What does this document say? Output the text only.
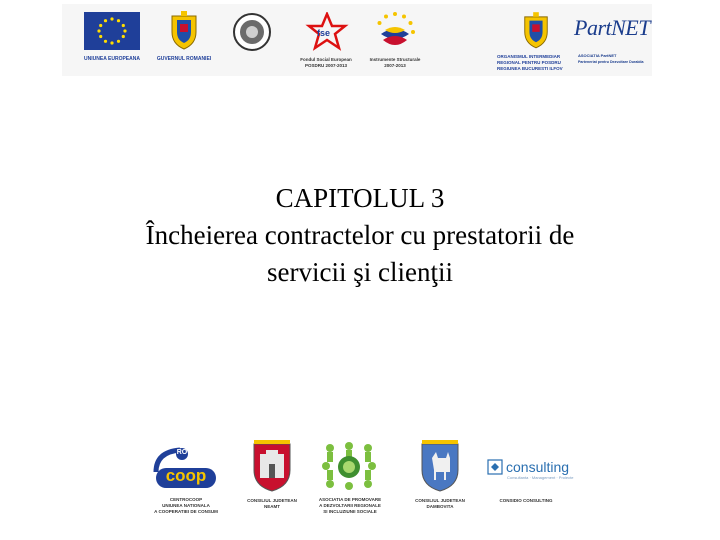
UNIUNEA EUROPEANA	GUVERNUL ROMANIEI
fse
Fondul Social European
POSDRU 2007-2013
Instrumente Structurale
2007-2013
ORGANISMUL INTERMEDIAR
REGIONAL PENTRU POSDRU
REGIUNEA BUCURESTI ILFOV
PartNET
ASOCIATIA PartNET
Parteneriat pentru Dezvoltare Durabila
CAPITOLUL 3
Încheierea contractelor cu prestatorii de
servicii şi clienţii
RO
coop
CENTROCOOP
UNIUNEA NATIONALA
A COOPERATIEI DE CONSUM
CONSILIUL JUDETEAN
NEAMT
ASOCIATIA DE PROMOVARE
A DEZVOLTARII REGIONALE
SI INCLUZIUNII SOCIALE
CONSILIUL JUDETEAN
DAMBOVITA
consulting
Consultanta · Management · Proiecte
CONSIDIO CONSULTING
